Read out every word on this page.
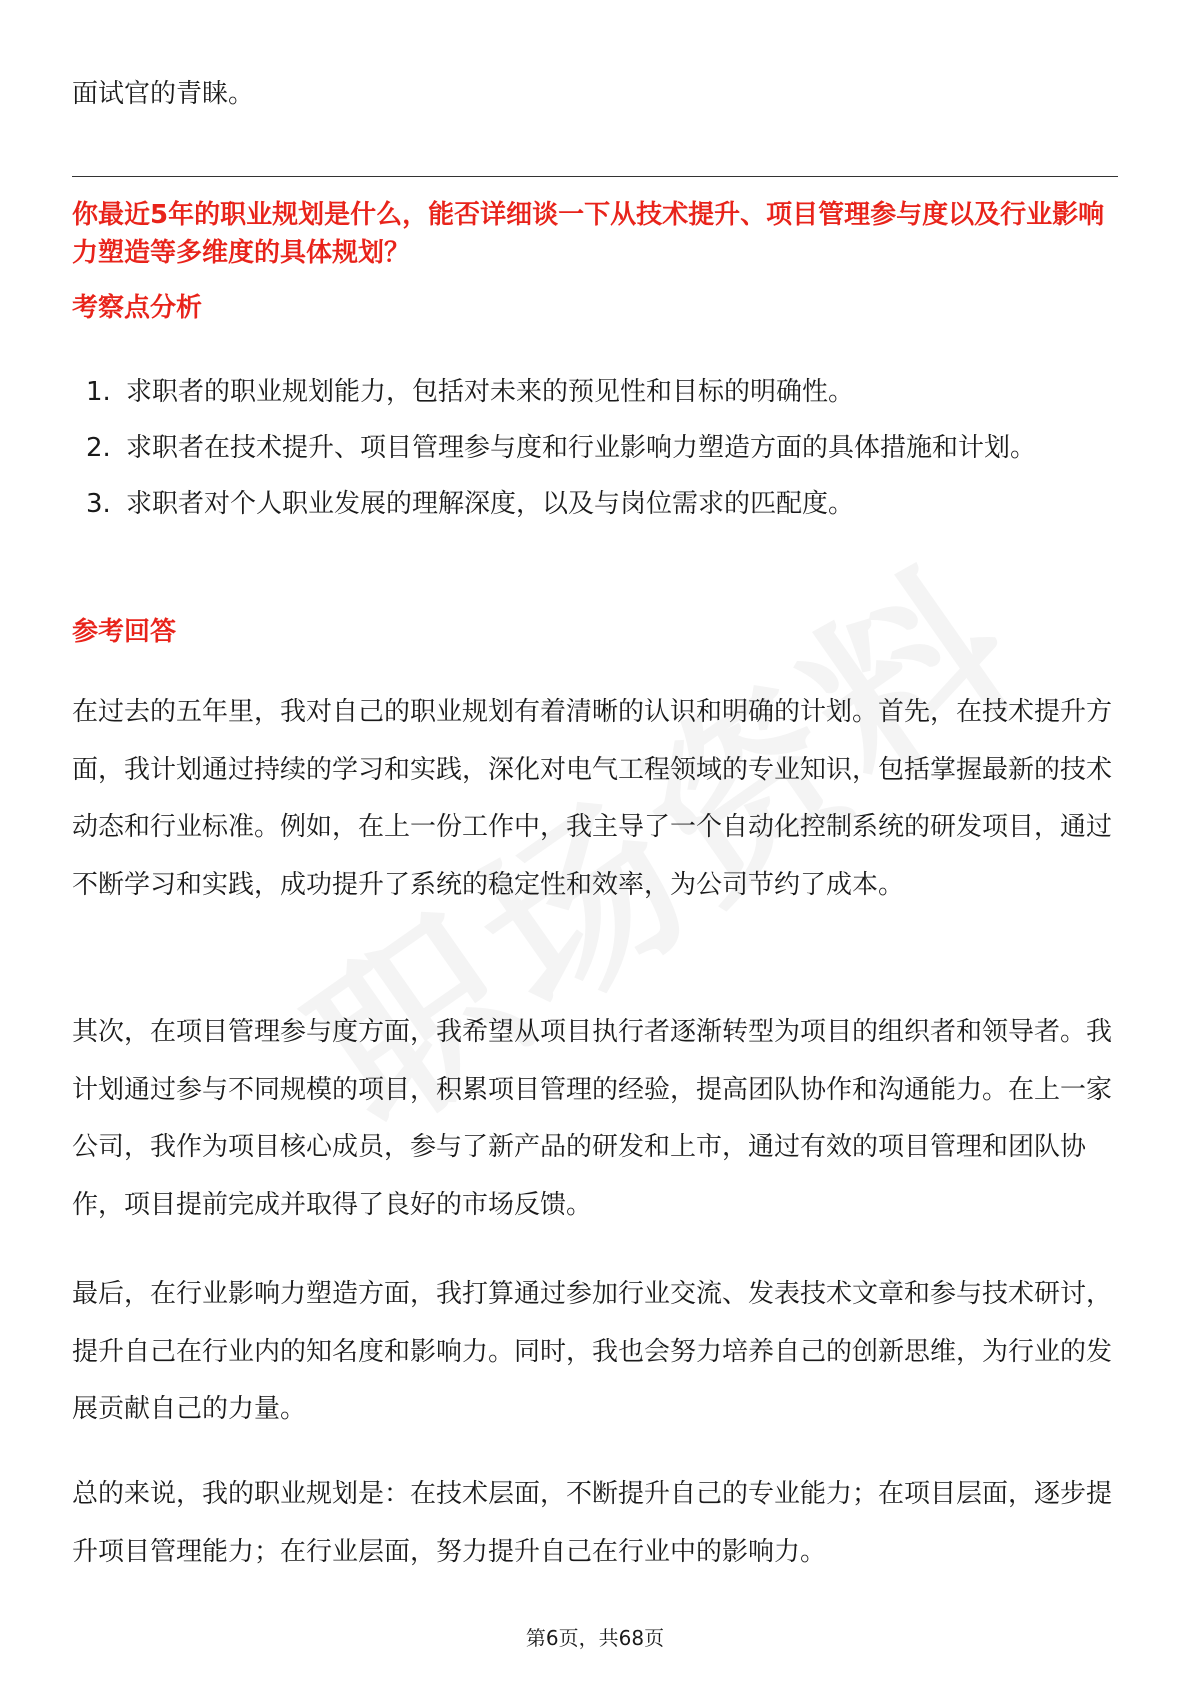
面试官的青睐。

你最近5年的职业规划是什么，能否详细谈一下从技术提升、项目管理参与度以及行业影响力塑造等多维度的具体规划？
考察点分析
1. 求职者的职业规划能力，包括对未来的预见性和目标的明确性。
2. 求职者在技术提升、项目管理参与度和行业影响力塑造方面的具体措施和计划。
3. 求职者对个人职业发展的理解深度，以及与岗位需求的匹配度。
参考回答

在过去的五年里，我对自己的职业规划有着清晰的认识和明确的计划。首先，在技术提升方面，我计划通过持续的学习和实践，深化对电气工程领域的专业知识，包括掌握最新的技术动态和行业标准。例如，在上一份工作中，我主导了一个自动化控制系统的研发项目，通过不断学习和实践，成功提升了系统的稳定性和效率，为公司节约了成本。

其次，在项目管理参与度方面，我希望从项目执行者逐渐转型为项目的组织者和领导者。我计划通过参与不同规模的项目，积累项目管理的经验，提高团队协作和沟通能力。在上一家公司，我作为项目核心成员，参与了新产品的研发和上市，通过有效的项目管理和团队协作，项目提前完成并取得了良好的市场反馈。

最后，在行业影响力塑造方面，我打算通过参加行业交流、发表技术文章和参与技术研讨，提升自己在行业内的知名度和影响力。同时，我也会努力培养自己的创新思维，为行业的发展贡献自己的力量。

总的来说，我的职业规划是：在技术层面，不断提升自己的专业能力；在项目层面，逐步提升项目管理能力；在行业层面，努力提升自己在行业中的影响力。

第6页，共68页
